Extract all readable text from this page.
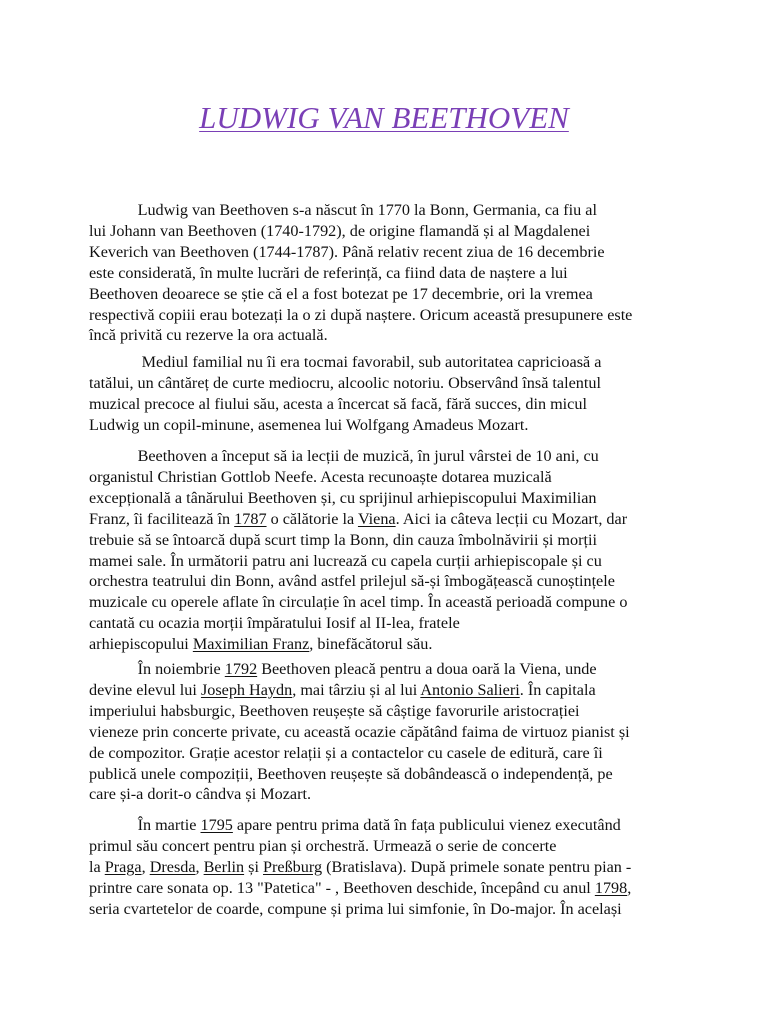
LUDWIG VAN BEETHOVEN
Ludwig van Beethoven s-a născut în 1770 la Bonn, Germania, ca fiu al
lui Johann van Beethoven (1740-1792), de origine flamandă și al Magdalenei
Keverich van Beethoven (1744-1787). Până relativ recent ziua de 16 decembrie
este considerată, în multe lucrări de referință, ca fiind data de naștere a lui
Beethoven deoarece se știe că el a fost botezat pe 17 decembrie, ori la vremea
respectivă copiii erau botezați la o zi după naștere. Oricum această presupunere este
încă privită cu rezerve la ora actuală.
Mediul familial nu îi era tocmai favorabil, sub autoritatea capricioasă a
tatălui, un cântăreț de curte mediocru, alcoolic notoriu. Observând însă talentul
muzical precoce al fiului său, acesta a încercat să facă, fără succes, din micul
Ludwig un copil-minune, asemenea lui Wolfgang Amadeus Mozart.
Beethoven a început să ia lecții de muzică, în jurul vârstei de 10 ani, cu
organistul Christian Gottlob Neefe. Acesta recunoaște dotarea muzicală
excepțională a tânărului Beethoven și, cu sprijinul arhiepiscopului Maximilian
Franz, îi facilitează în 1787 o călătorie la Viena. Aici ia câteva lecții cu Mozart, dar
trebuie să se întoarcă după scurt timp la Bonn, din cauza îmbolnăvirii și morții
mamei sale. În următorii patru ani lucrează cu capela curții arhiepiscopale și cu
orchestra teatrului din Bonn, având astfel prilejul să-și îmbogățească cunoștințele
muzicale cu operele aflate în circulație în acel timp. În această perioadă compune o
cantată cu ocazia morții împăratului Iosif al II-lea, fratele
arhiepiscopului Maximilian Franz, binefăcătorul său.
În noiembrie 1792 Beethoven pleacă pentru a doua oară la Viena, unde
devine elevul lui Joseph Haydn, mai târziu și al lui Antonio Salieri. În capitala
imperiului habsburgic, Beethoven reușește să câștige favorurile aristocrației
vieneze prin concerte private, cu această ocazie căpătând faima de virtuoz pianist și
de compozitor. Grație acestor relații și a contactelor cu casele de editură, care îi
publică unele compoziții, Beethoven reușește să dobândească o independență, pe
care și-a dorit-o cândva și Mozart.
În martie 1795 apare pentru prima dată în fața publicului vienez executând
primul său concert pentru pian și orchestră. Urmează o serie de concerte
la Praga, Dresda, Berlin și Preßburg (Bratislava). După primele sonate pentru pian -
printre care sonata op. 13 "Patetica" - , Beethoven deschide, începând cu anul 1798,
seria cvartetelor de coarde, compune și prima lui simfonie, în Do-major. În același
